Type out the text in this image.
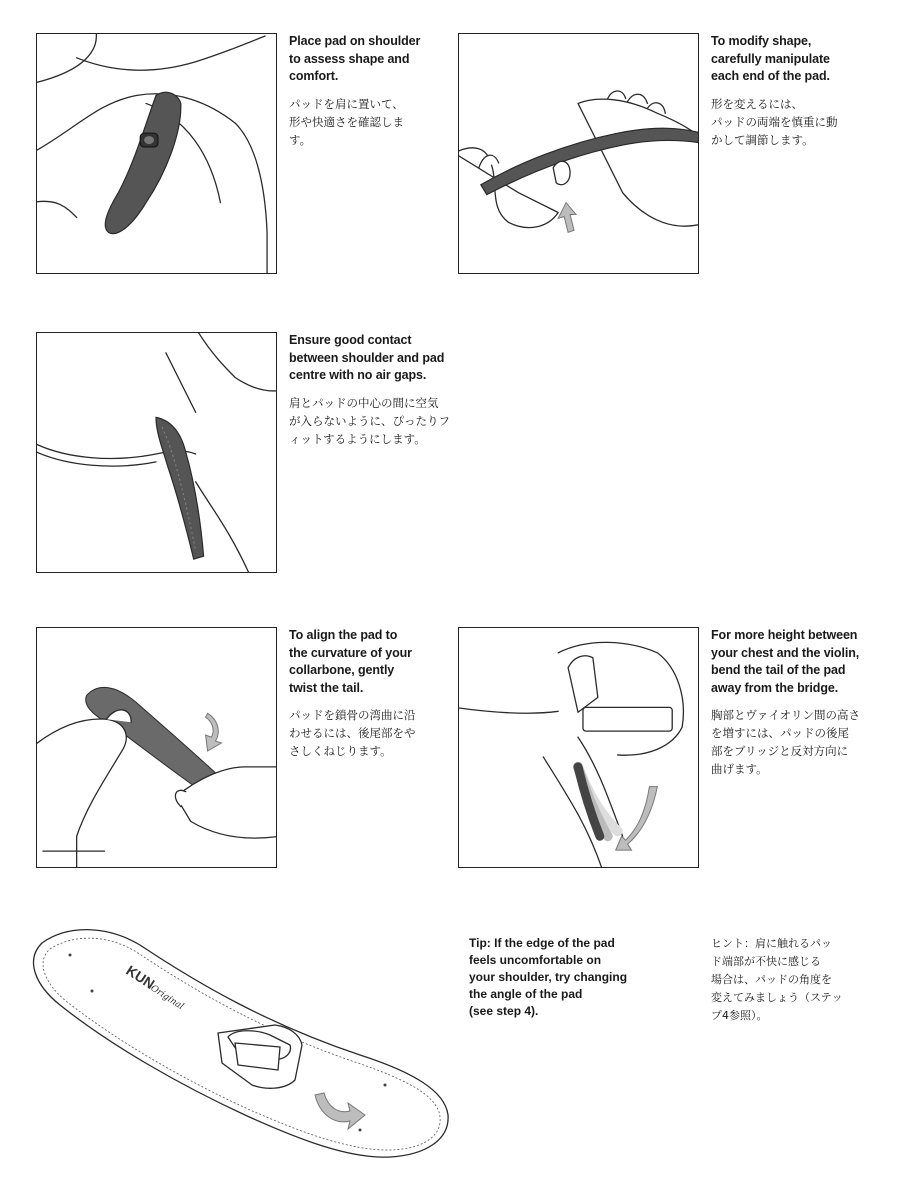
Place pad on shoulder
to assess shape and
comfort.

パッドを肩に置いて、
形や快適さを確認しま
す。

To modify shape,
carefully manipulate
each end of the pad.

形を変えるには、
パッドの両端を慎重に動
かして調節します。

Ensure good contact
between shoulder and pad
centre with no air gaps.

肩とパッドの中心の間に空気
が入らないように、ぴったりフ
ィットするようにします。

To align the pad to
the curvature of your
collarbone, gently
twist the tail.

パッドを鎖骨の湾曲に沿
わせるには、後尾部をや
さしくねじります。

For more height between
your chest and the violin,
bend the tail of the pad
away from the bridge.

胸部とヴァイオリン間の高さ
を増すには、パッドの後尾
部をブリッジと反対方向に
曲げます。

KUN
Original

Tip: If the edge of the pad
feels uncomfortable on
your shoulder, try changing
the angle of the pad
(see step 4).

ヒント：肩に触れるパッ
ド端部が不快に感じる
場合は、パッドの角度を
変えてみましょう（ステッ
プ4参照）。
